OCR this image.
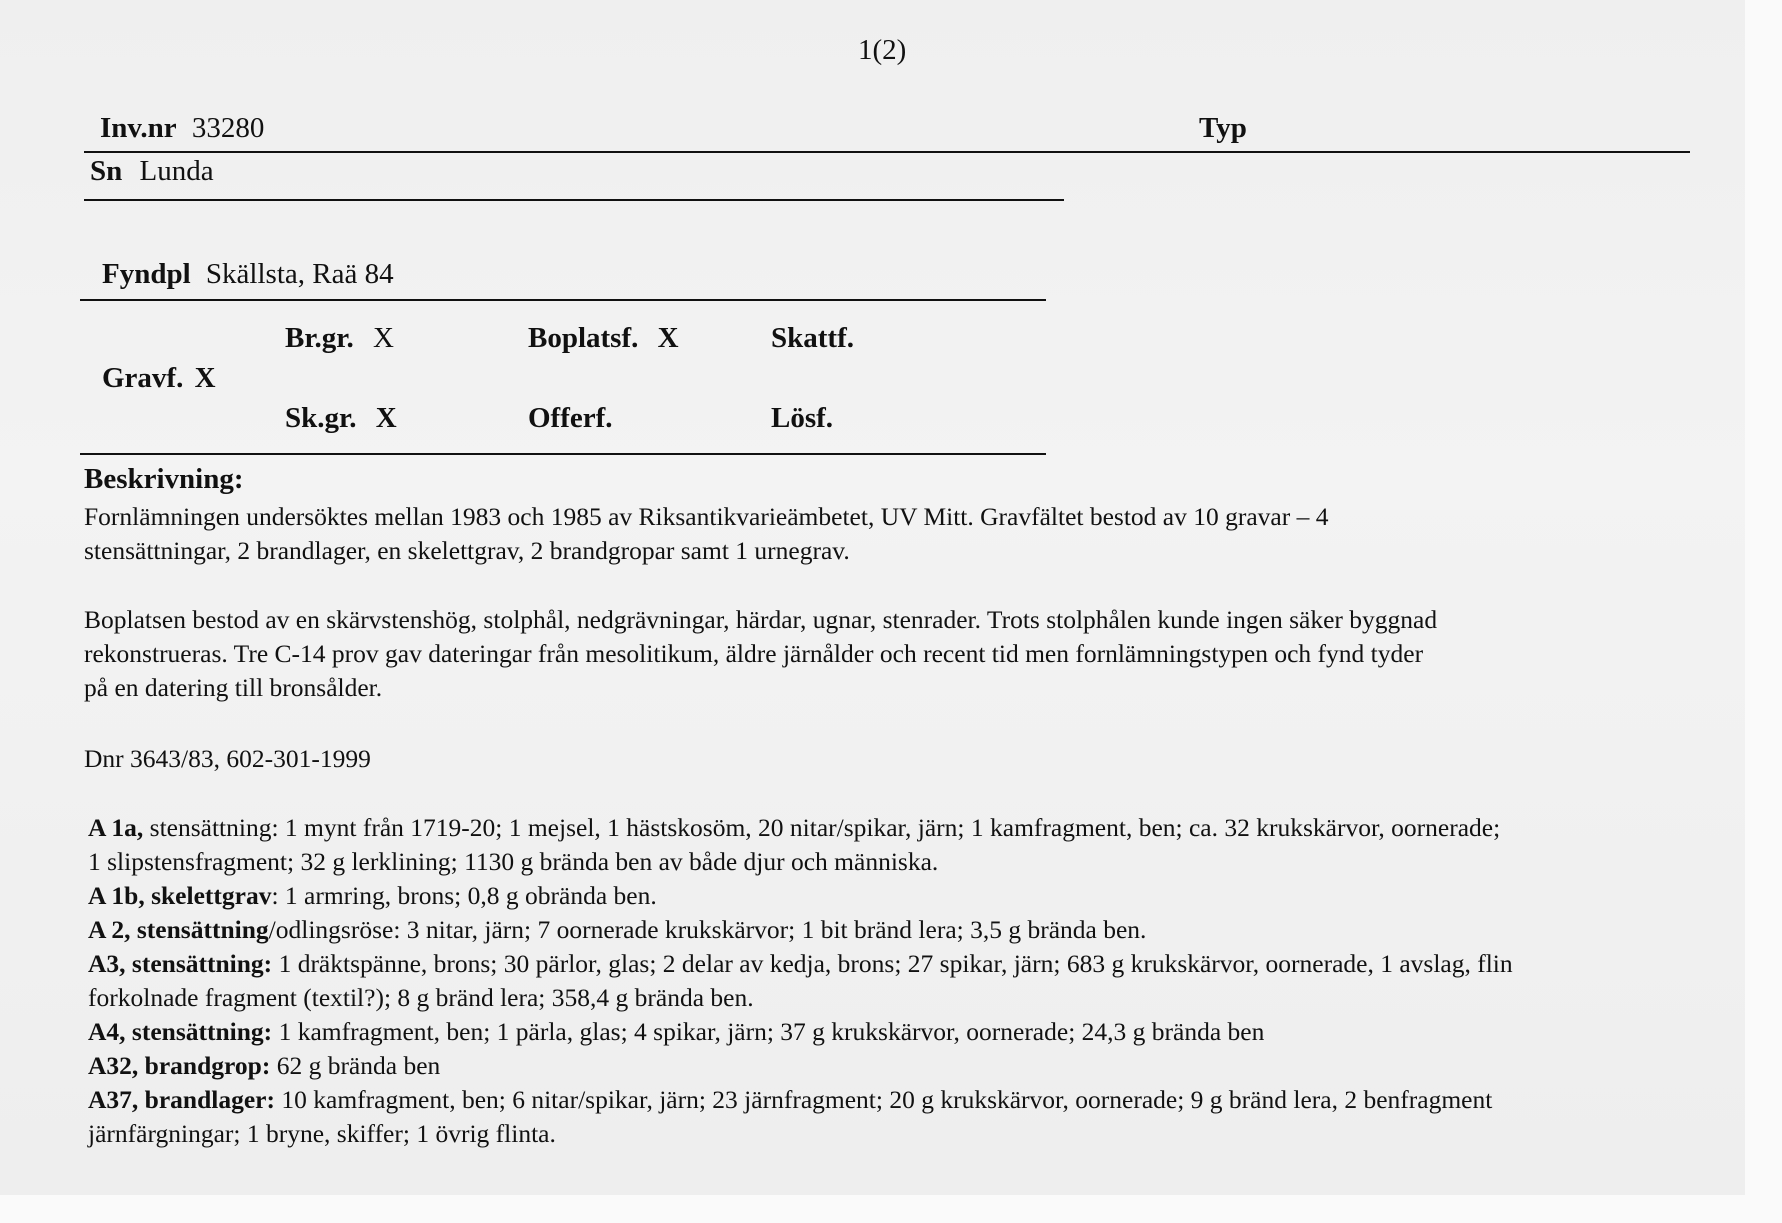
1(2)
Inv.nr 33280	Typ
Sn Lunda
Fyndpl Skällsta, Raä 84
Br.gr. X	Boplatsf. X	Skattf.
Gravf. X
Sk.gr. X	Offerf.	Lösf.
Beskrivning:
Fornlämningen undersöktes mellan 1983 och 1985 av Riksantikvarieämbetet, UV Mitt. Gravfältet bestod av 10 gravar – 4
stensättningar, 2 brandlager, en skelettgrav, 2 brandgropar samt 1 urnegrav.
Boplatsen bestod av en skärvstenshög, stolphål, nedgrävningar, härdar, ugnar, stenrader. Trots stolphålen kunde ingen säker byggnad
rekonstrueras. Tre C-14 prov gav dateringar från mesolitikum, äldre järnålder och recent tid men fornlämningstypen och fynd tyder
på en datering till bronsålder.
Dnr 3643/83, 602-301-1999
A 1a, stensättning: 1 mynt från 1719-20; 1 mejsel, 1 hästskosöm, 20 nitar/spikar, järn; 1 kamfragment, ben; ca. 32 krukskärvor, oornerade;
1 slipstensfragment; 32 g lerklining; 1130 g brända ben av både djur och människa.
A 1b, skelettgrav: 1 armring, brons; 0,8 g obrända ben.
A 2, stensättning/odlingsröse: 3 nitar, järn; 7 oornerade krukskärvor; 1 bit bränd lera; 3,5 g brända ben.
A3, stensättning: 1 dräktspänne, brons; 30 pärlor, glas; 2 delar av kedja, brons; 27 spikar, järn; 683 g krukskärvor, oornerade, 1 avslag, flin
forkolnade fragment (textil?); 8 g bränd lera; 358,4 g brända ben.
A4, stensättning: 1 kamfragment, ben; 1 pärla, glas; 4 spikar, järn; 37 g krukskärvor, oornerade; 24,3 g brända ben
A32, brandgrop: 62 g brända ben
A37, brandlager: 10 kamfragment, ben; 6 nitar/spikar, järn; 23 järnfragment; 20 g krukskärvor, oornerade; 9 g bränd lera, 2 benfragment
järnfärgningar; 1 bryne, skiffer; 1 övrig flinta.
